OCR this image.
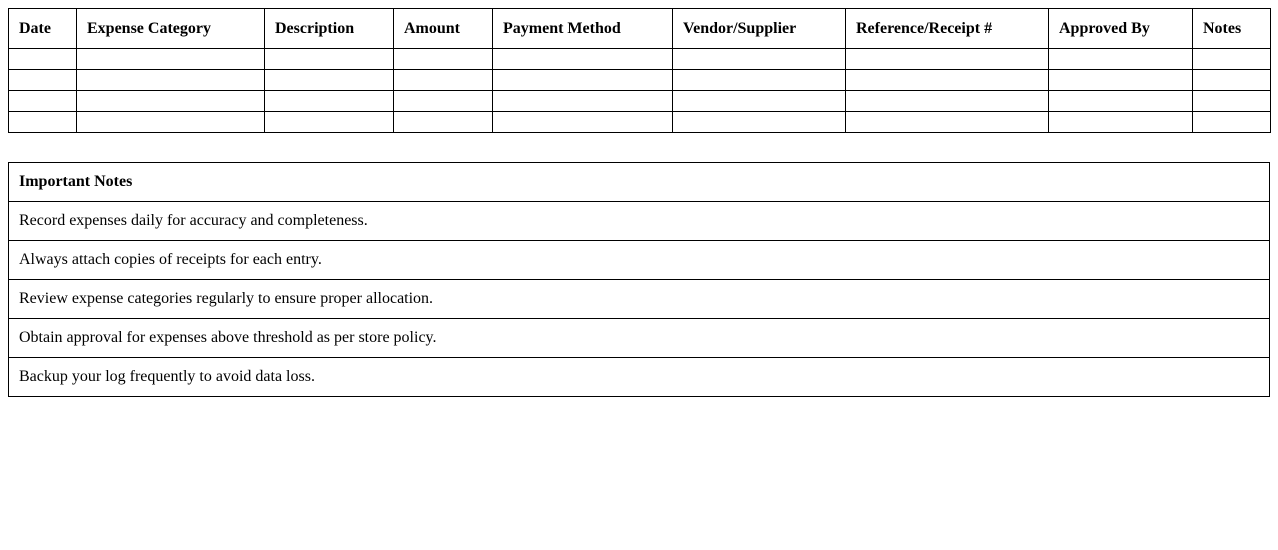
Date	Expense Category	Description	Amount	Payment Method	Vendor/Supplier	Reference/Receipt #	Approved By	Notes

Important Notes
Record expenses daily for accuracy and completeness.
Always attach copies of receipts for each entry.
Review expense categories regularly to ensure proper allocation.
Obtain approval for expenses above threshold as per store policy.
Backup your log frequently to avoid data loss.
